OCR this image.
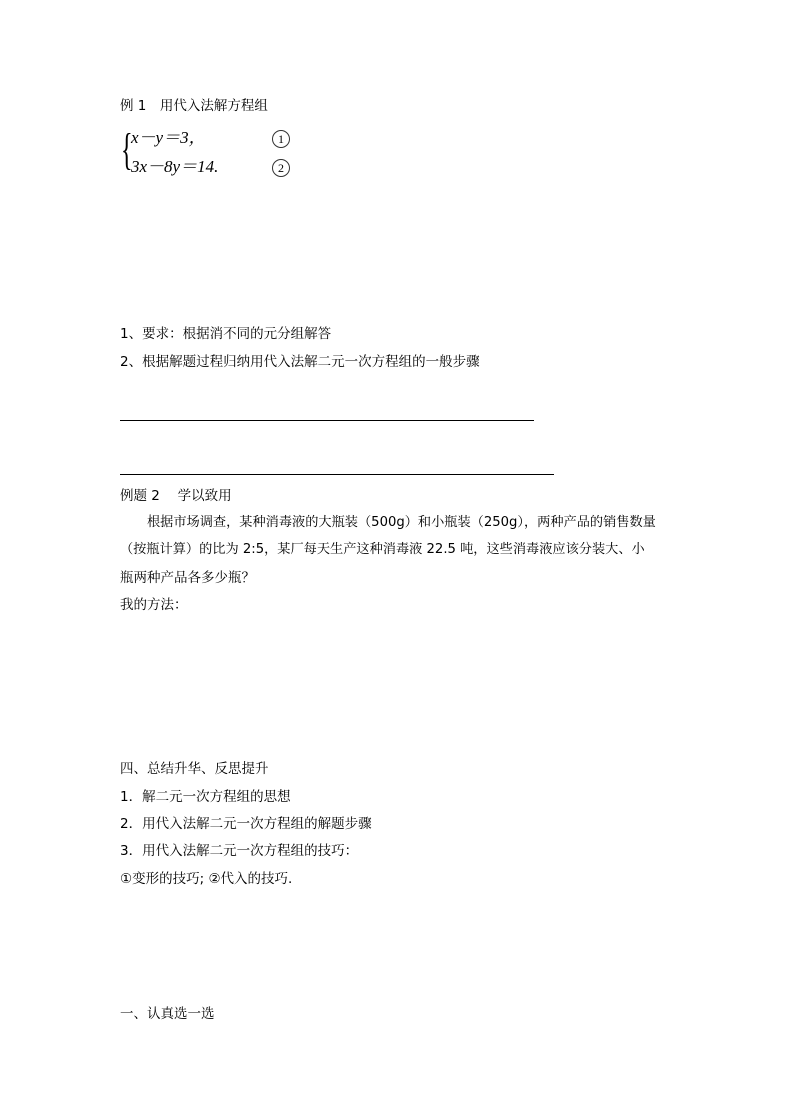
例 1　用代入法解方程组
{
x－y＝3，
3x－8y＝14.
1
2
1、要求：根据消不同的元分组解答
2、根据解题过程归纳用代入法解二元一次方程组的一般步骤
例题 2　 学以致用
根据市场调查，某种消毒液的大瓶装（500g）和小瓶装（250g），两种产品的销售数量
（按瓶计算）的比为 2:5，某厂每天生产这种消毒液 22.5 吨，这些消毒液应该分装大、小
瓶两种产品各多少瓶？
我的方法：
四、总结升华、反思提升
1．解二元一次方程组的思想
2．用代入法解二元一次方程组的解题步骤
3．用代入法解二元一次方程组的技巧：
①变形的技巧; ②代入的技巧.
一、认真选一选
